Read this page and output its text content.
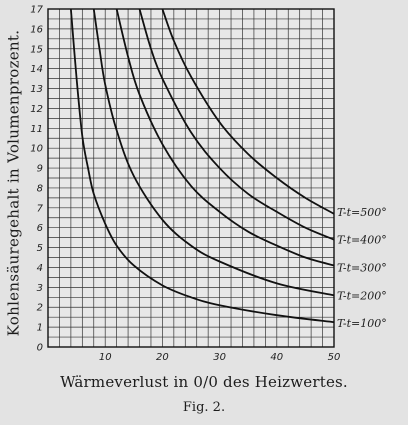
0
1
2
3
4
5
6
7
8
9
10
11
12
13
14
15
16
17
10	20	30	40	50
T-t=100°
T-t=200°
T-t=300°
T-t=400°
T-t=500°
Kohlensäuregehalt in Volumenprozent.
Wärmeverlust in 0/0 des Heizwertes.
Fig. 2.
